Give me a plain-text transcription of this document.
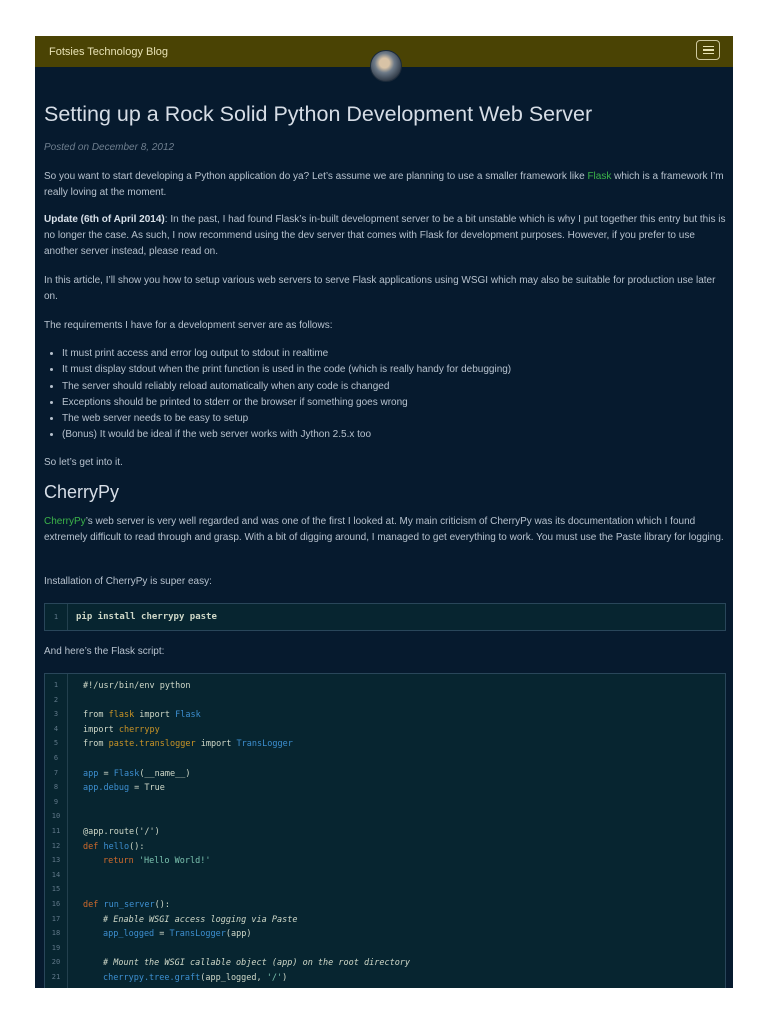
Fotsies Technology Blog
Setting up a Rock Solid Python Development Web Server
Posted on December 8, 2012

So you want to start developing a Python application do ya? Let’s assume we are planning to use a smaller framework like Flask which is a framework I’m really loving at the moment.

Update (6th of April 2014): In the past, I had found Flask’s in-built development server to be a bit unstable which is why I put together this entry but this is no longer the case. As such, I now recommend using the dev server that comes with Flask for development purposes. However, if you prefer to use another server instead, please read on.

In this article, I’ll show you how to setup various web servers to serve Flask applications using WSGI which may also be suitable for production use later on.

The requirements I have for a development server are as follows:

• It must print access and error log output to stdout in realtime
• It must display stdout when the print function is used in the code (which is really handy for debugging)
• The server should reliably reload automatically when any code is changed
• Exceptions should be printed to stderr or the browser if something goes wrong
• The web server needs to be easy to setup
• (Bonus) It would be ideal if the web server works with Jython 2.5.x too

So let’s get into it.

CherryPy

CherryPy’s web server is very well regarded and was one of the first I looked at. My main criticism of CherryPy was its documentation which I found extremely difficult to read through and grasp. With a bit of digging around, I managed to get everything to work. You must use the Paste library for logging.

Installation of CherryPy is super easy:

1	pip install cherrypy paste

And here’s the Flask script:

1
2
3
4
5
6
7
8
9
10
11
12
13
14
15
16
17
18
19
20
21
#!/usr/bin/env python
from flask import Flask
import cherrypy
from paste.translogger import TransLogger
app = Flask(__name__)
app.debug = True
@app.route('/')
def hello():
return 'Hello World!'
def run_server():
# Enable WSGI access logging via Paste
app_logged = TransLogger(app)
# Mount the WSGI callable object (app) on the root directory
cherrypy.tree.graft(app_logged, '/')
